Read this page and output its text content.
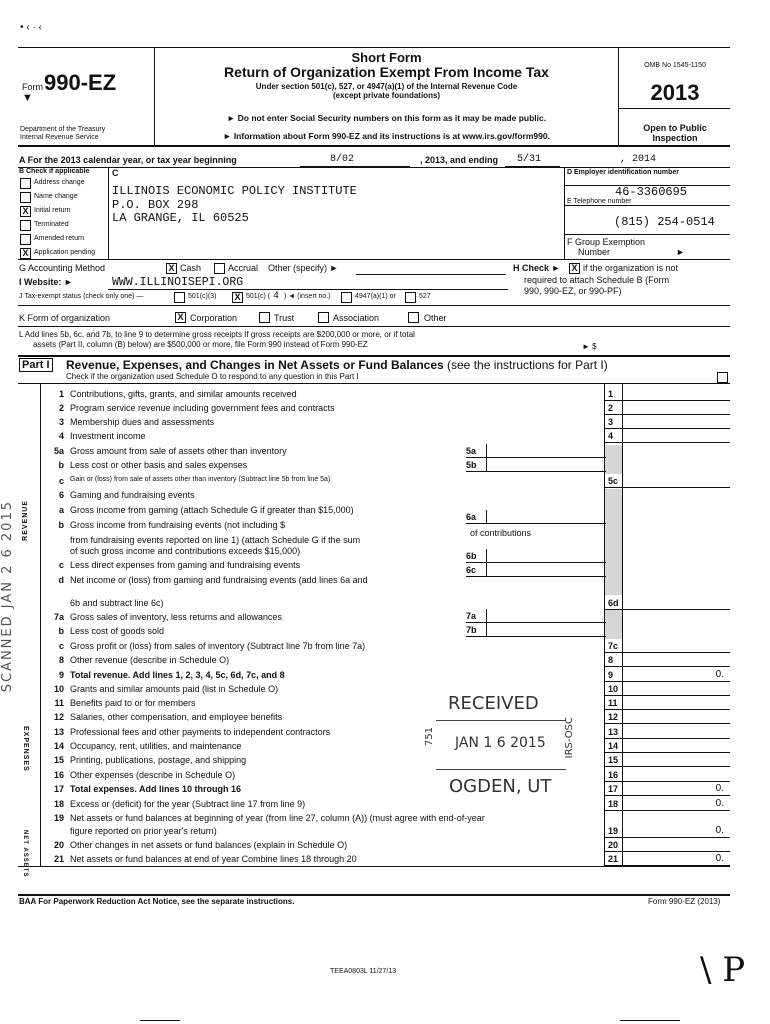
• ‹ · ‹
Form 990-EZ
▼
Department of the Treasury
Internal Revenue Service
Short Form
Return of Organization Exempt From Income Tax
Under section 501(c), 527, or 4947(a)(1) of the Internal Revenue Code
(except private foundations)
► Do not enter Social Security numbers on this form as it may be made public.
► Information about Form 990-EZ and its instructions is at www.irs.gov/form990.
OMB No 1545-1150
2013
Open to Public
Inspection
A For the 2013 calendar year, or tax year beginning	8/02	, 2013, and ending 5/31	, 2014
B Check if applicable
Address change
Name change
X Initial return
Terminated
Amended return
X Application pending
C
ILLINOIS ECONOMIC POLICY INSTITUTE
P.O. BOX 298
LA GRANGE, IL 60525
D Employer identification number
46-3360695
E Telephone number
(815) 254-0514
F Group Exemption
Number	►
G Accounting Method	X Cash	Accrual Other (specify) ►
I Website: ►	WWW.ILLINOISEPI.ORG
J Tax-exempt status (check only one) —	501(c)(3) X 501(c) ( 4 ) ◄ (insert no.)	4947(a)(1) or	527
H Check ► X if the organization is not
required to attach Schedule B (Form
990, 990-EZ, or 990-PF)
K Form of organization	X Corporation	Trust	Association	Other
L Add lines 5b, 6c, and 7b, to line 9 to determine gross receipts If gross receipts are $200,000 or more, or if total
assets (Part II, column (B) below) are $500,000 or more, file Form 990 instead of Form 990-EZ	► $
Part I Revenue, Expenses, and Changes in Net Assets or Fund Balances (see the instructions for Part I)
Check if the organization used Schedule O to respond to any question in this Part I
1 Contributions, gifts, grants, and similar amounts received	1
2 Program service revenue including government fees and contracts	2
3 Membership dues and assessments	3
4 Investment income	4
5a Gross amount from sale of assets other than inventory
b Less cost or other basis and sales expenses
c Gain or (loss) from sale of assets other than inventory (Subtract line 5b from line 5a)	5c
6 Gaming and fundraising events
a Gross income from gaming (attach Schedule G if greater than $15,000)
b Gross income from fundraising events (not including $
from fundraising events reported on line 1) (attach Schedule G if the sum
of such gross income and contributions exceeds $15,000)
c Less direct expenses from gaming and fundraising events
d Net income or (loss) from gaming and fundraising events (add lines 6a and
6b and subtract line 6c)	6d
7a Gross sales of inventory, less returns and allowances
b Less cost of goods sold
c Gross profit or (loss) from sales of inventory (Subtract line 7b from line 7a)	7c
8 Other revenue (describe in Schedule O)	8
9 Total revenue. Add lines 1, 2, 3, 4, 5c, 6d, 7c, and 8	9	0.
10 Grants and similar amounts paid (list in Schedule O)	10
11 Benefits paid to or for members	11
12 Salaries, other compensation, and employee benefits	12
13 Professional fees and other payments to independent contractors	13
14 Occupancy, rent, utilities, and maintenance	14
15 Printing, publications, postage, and shipping	15
16 Other expenses (describe in Schedule O)	16
17 Total expenses. Add lines 10 through 16	17	0.
18 Excess or (deficit) for the year (Subtract line 17 from line 9)	18	0.
19 Net assets or fund balances at beginning of year (from line 27, column (A)) (must agree with end-of-year
figure reported on prior year's return)	19	0.
20 Other changes in net assets or fund balances (explain in Schedule O)	20
21 Net assets or fund balances at end of year Combine lines 18 through 20	21	0.
5a
5b
6a
of contributions
6b
6c
7a
7b
REVENUE
EXPENSES
NET ASSETS
SCANNED JAN 2 6 2015
RECEIVED
JAN 1 6 2015
OGDEN, UT
751	IRS-OSC
BAA For Paperwork Reduction Act Notice, see the separate instructions.	Form 990-EZ (2013)
TEEA0803L 11/27/13	\ P
